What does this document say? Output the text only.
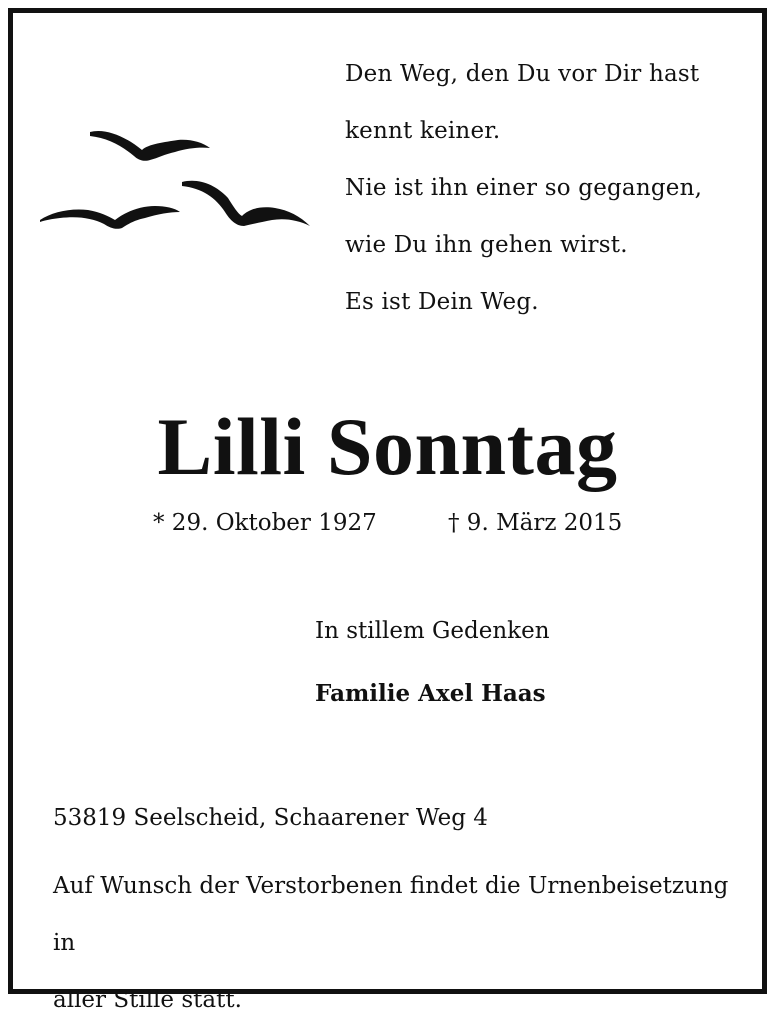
Den Weg, den Du vor Dir hast
kennt keiner.
Nie ist ihn einer so gegangen,
wie Du ihn gehen wirst.
Es ist Dein Weg.
Lilli Sonntag
* 29. Oktober 1927	† 9. März 2015
In stillem Gedenken
Familie Axel Haas
53819 Seelscheid, Schaarener Weg 4
Auf Wunsch der Verstorbenen findet die Urnenbeisetzung in
aller Stille statt.
